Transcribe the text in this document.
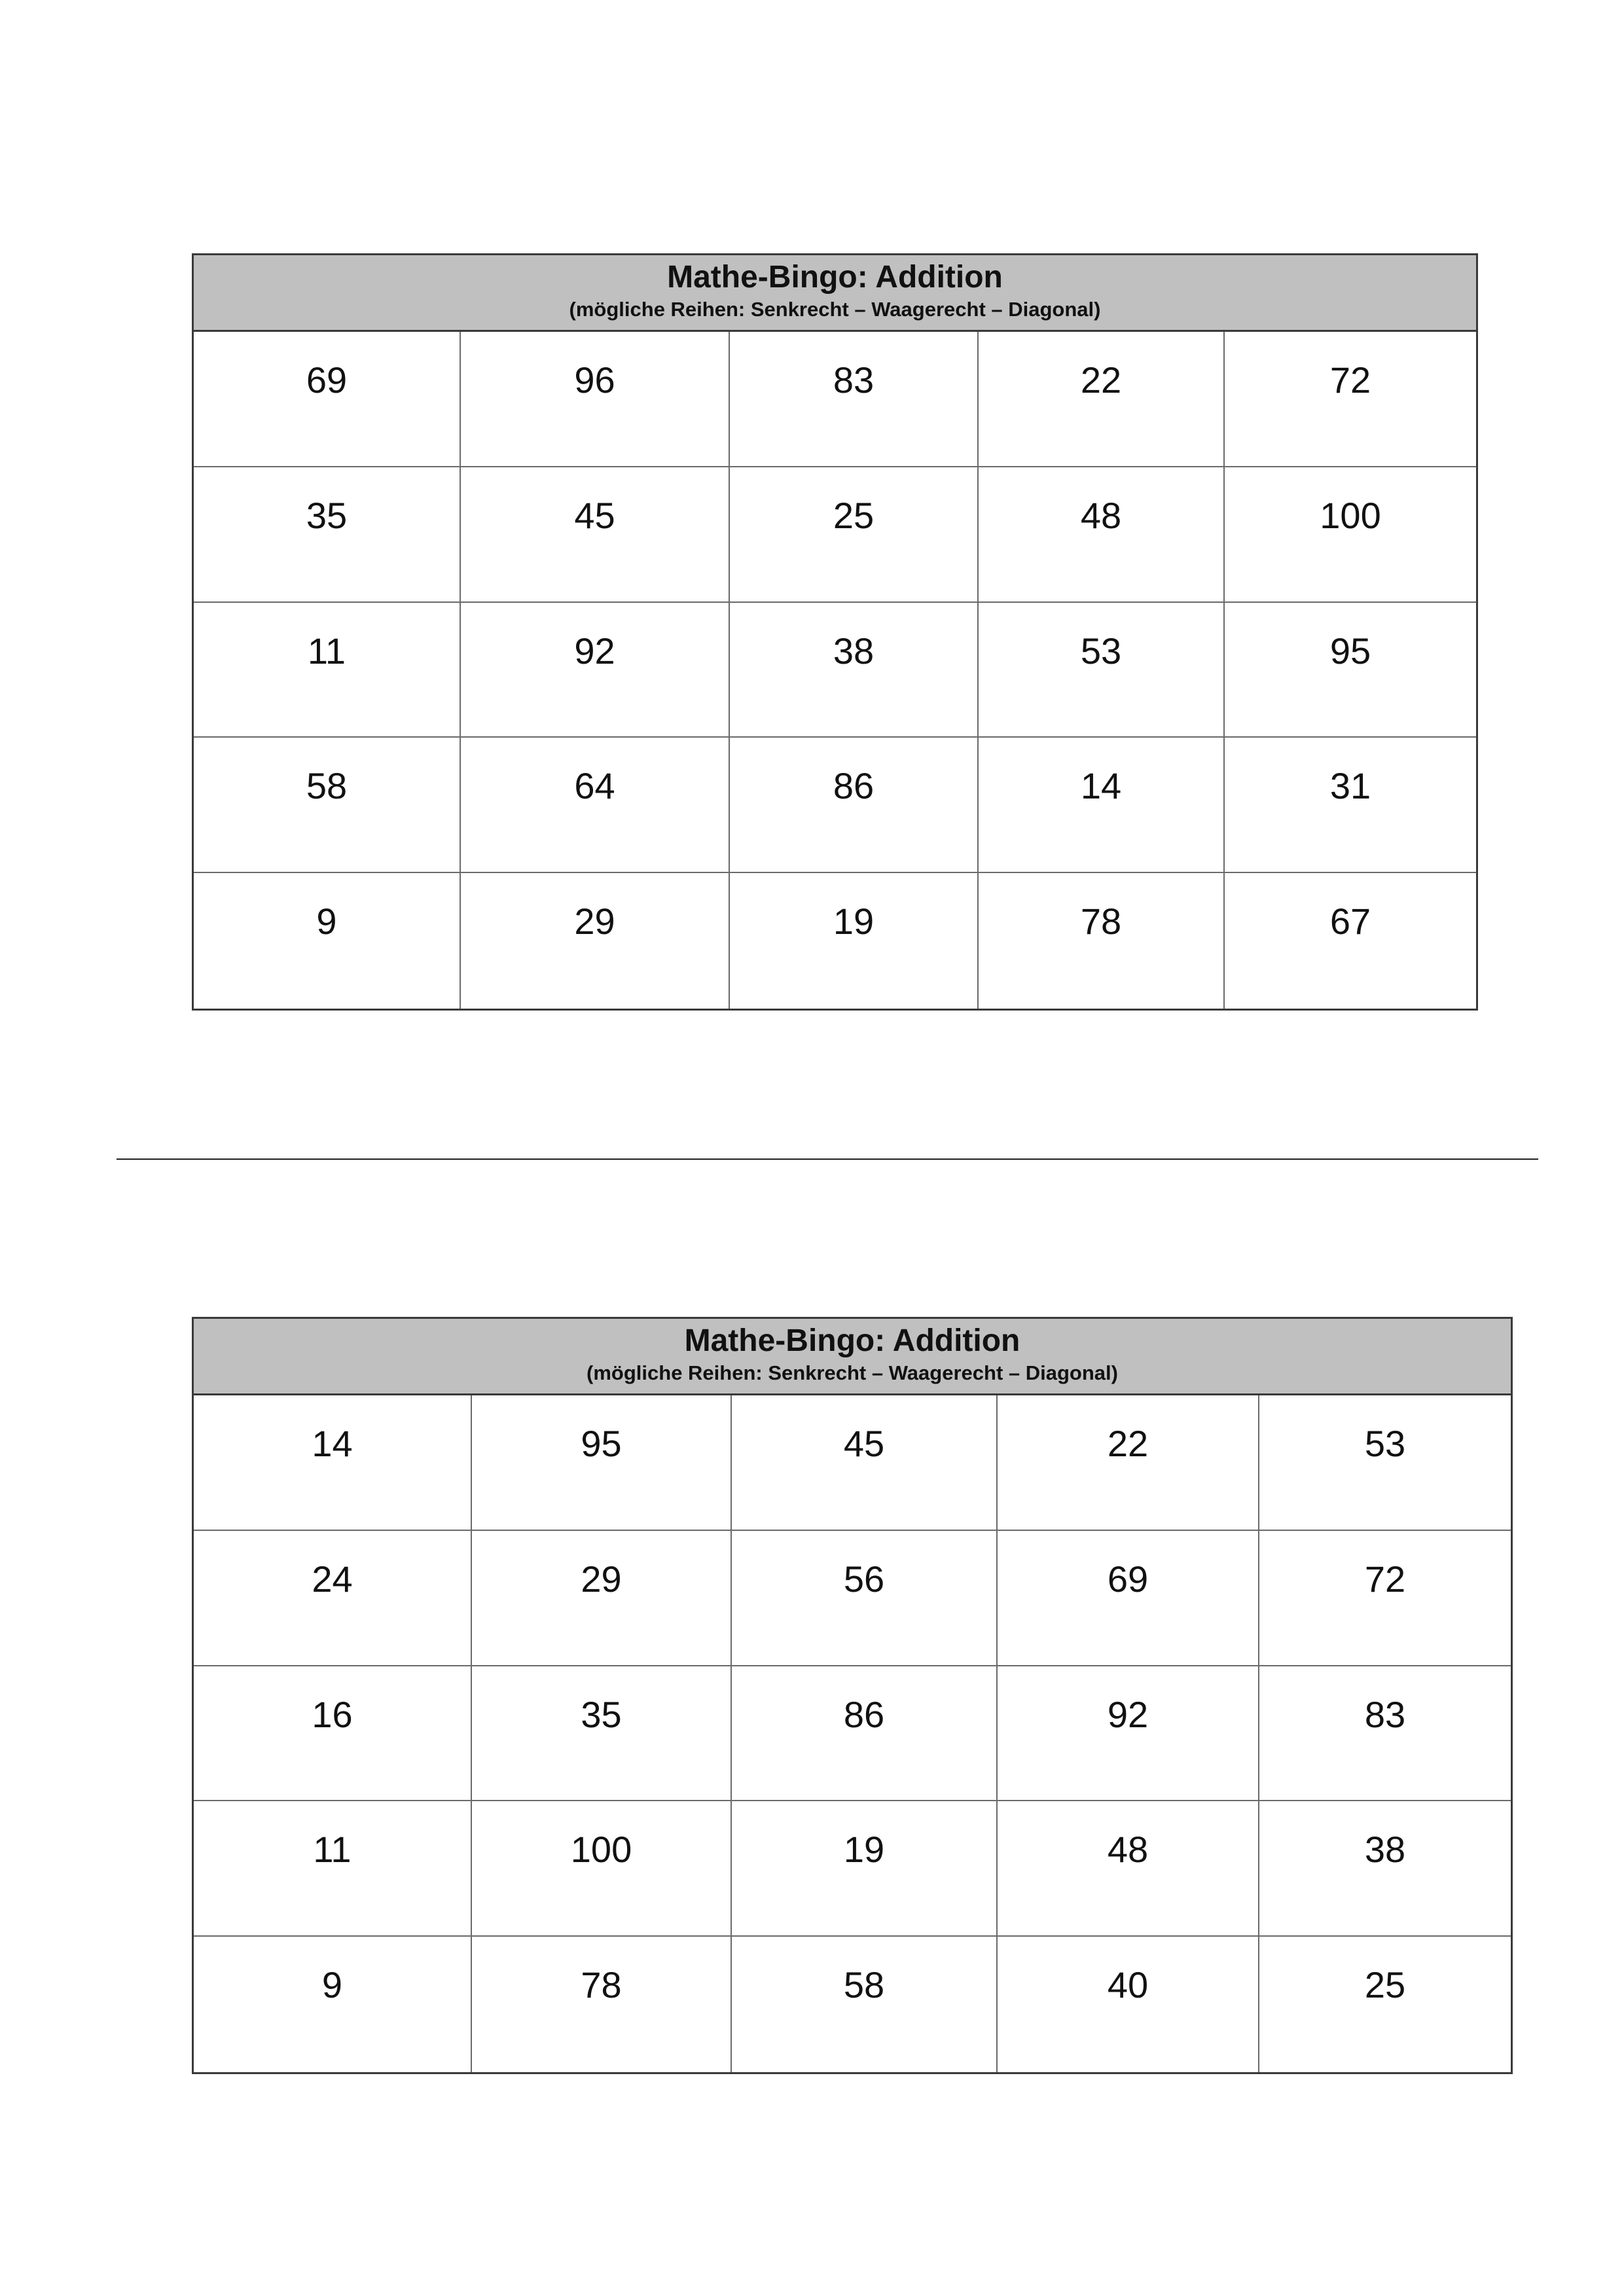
Mathe-Bingo: Addition
(mögliche Reihen: Senkrecht – Waagerecht – Diagonal)
69	96	83	22	72
35	45	25	48	100
11	92	38	53	95
58	64	86	14	31
9	29	19	78	67
Mathe-Bingo: Addition
(mögliche Reihen: Senkrecht – Waagerecht – Diagonal)
14	95	45	22	53
24	29	56	69	72
16	35	86	92	83
11	100	19	48	38
9	78	58	40	25
